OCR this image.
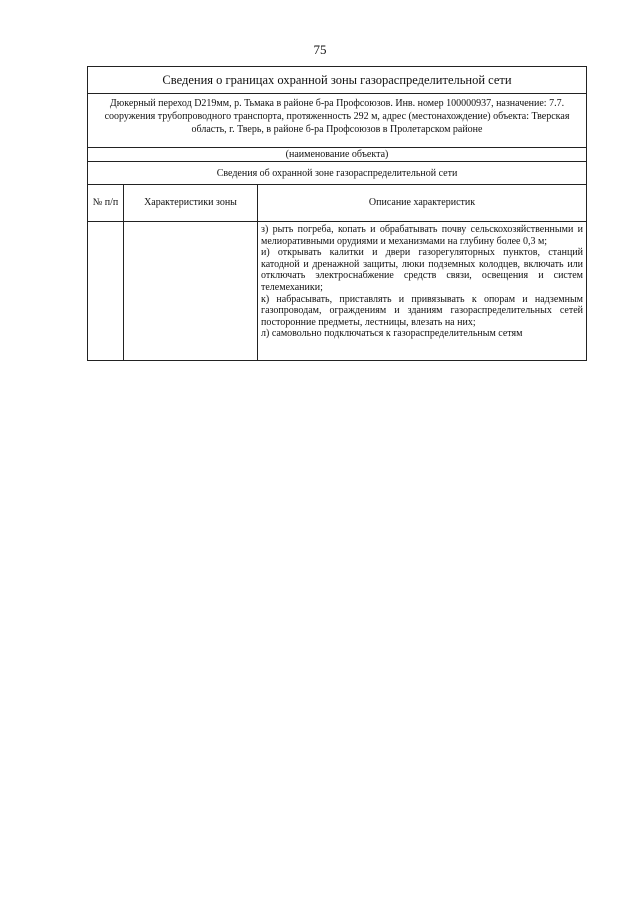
75
Сведения о границах охранной зоны газораспределительной сети		
Дюкерный переход D219мм, р. Тьмака в районе б-ра Профсоюзов. Инв. номер 100000937, назначение: 7.7. сооружения трубопроводного транспорта, протяженность 292 м, адрес (местонахождение) объекта: Тверская область, г. Тверь, в районе б-ра Профсоюзов в Пролетарском районе		
(наименование объекта)		
Сведения об охранной зоне газораспределительной сети		
№ п/п	Характеристики зоны	Описание характеристик

		з) рыть погреба, копать и обрабатывать почву сельскохозяйственными и мелиоративными орудиями и механизмами на глубину более 0,3 м;
и) открывать калитки и двери газорегуляторных пунктов, станций катодной и дренажной защиты, люки подземных колодцев, включать или отключать электроснабжение средств связи, освещения и систем телемеханики;
к) набрасывать, приставлять и привязывать к опорам и надземным газопроводам, ограждениям и зданиям газораспределительных сетей посторонние предметы, лестницы, влезать на них;
л) самовольно подключаться к газораспределительным сетям
